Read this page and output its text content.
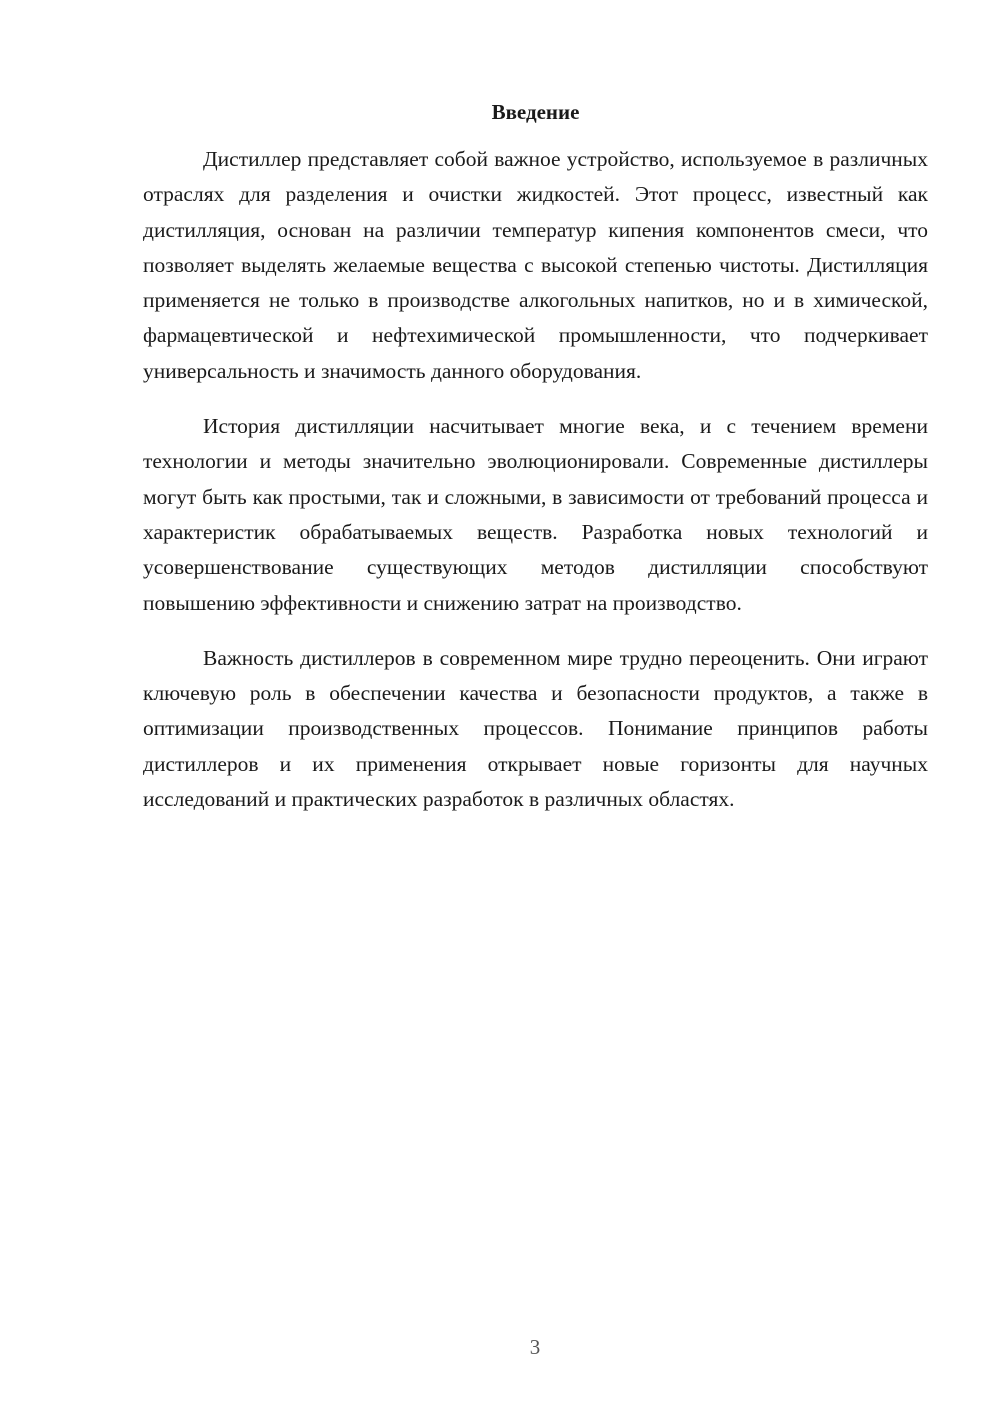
Введение

Дистиллер представляет собой важное устройство, используемое в различных отраслях для разделения и очистки жидкостей. Этот процесс, известный как дистилляция, основан на различии температур кипения компонентов смеси, что позволяет выделять желаемые вещества с высокой степенью чистоты. Дистилляция применяется не только в производстве алкогольных напитков, но и в химической, фармацевтической и нефтехимической промышленности, что подчеркивает универсальность и значимость данного оборудования.

История дистилляции насчитывает многие века, и с течением времени технологии и методы значительно эволюционировали. Современные дистиллеры могут быть как простыми, так и сложными, в зависимости от требований процесса и характеристик обрабатываемых веществ. Разработка новых технологий и усовершенствование существующих методов дистилляции способствуют повышению эффективности и снижению затрат на производство.

Важность дистиллеров в современном мире трудно переоценить. Они играют ключевую роль в обеспечении качества и безопасности продуктов, а также в оптимизации производственных процессов. Понимание принципов работы дистиллеров и их применения открывает новые горизонты для научных исследований и практических разработок в различных областях.

3
